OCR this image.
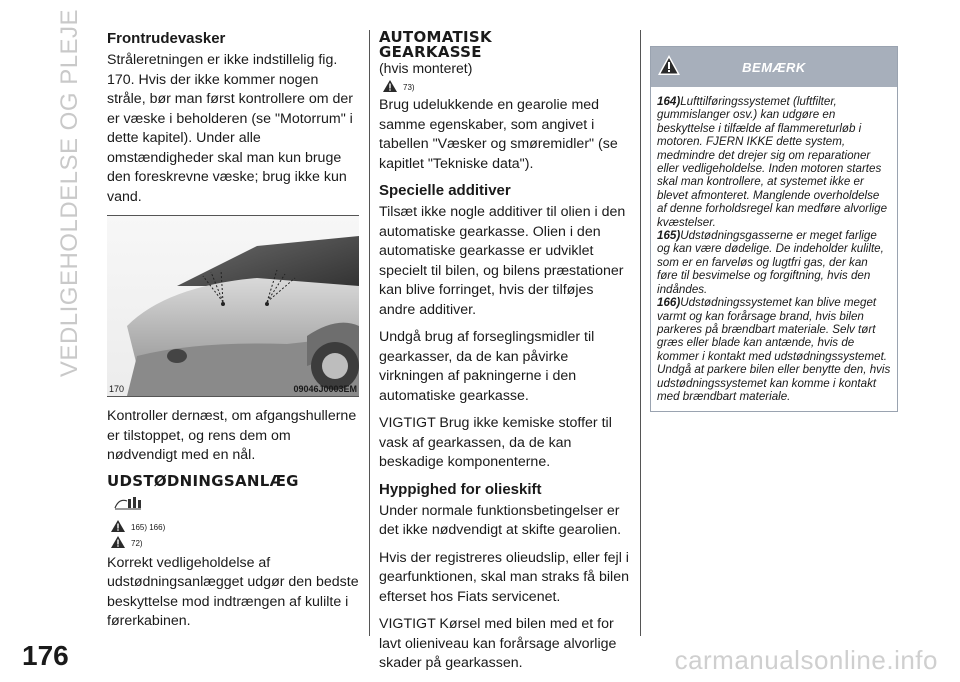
VEDLIGEHOLDELSE OG PLEJE
176	carmanualsonline.info
Frontrudevasker

Stråleretningen er ikke indstillelig fig. 170. Hvis der ikke kommer nogen stråle, bør man først kontrollere om der er væske i beholderen (se "Motorrum" i dette kapitel). Under alle omstændigheder skal man kun bruge den foreskrevne væske; brug ikke kun vand.

170	09046J0003EM

Kontroller dernæst, om afgangshullerne er tilstoppet, og rens dem om nødvendigt med en nål.

UDSTØDNINGSANLÆG
165) 166)
72)

Korrekt vedligeholdelse af udstødningsanlægget udgør den bedste beskyttelse mod indtrængen af kulilte i førerkabinen.

AUTOMATISK
GEARKASSE
(hvis monteret)
73)

Brug udelukkende en gearolie med samme egenskaber, som angivet i tabellen "Væsker og smøremidler" (se kapitlet "Tekniske data").

Specielle additiver

Tilsæt ikke nogle additiver til olien i den automatiske gearkasse. Olien i den automatiske gearkasse er udviklet specielt til bilen, og bilens præstationer kan blive forringet, hvis der tilføjes andre additiver.

Undgå brug af forseglingsmidler til gearkasser, da de kan påvirke virkningen af pakningerne i den automatiske gearkasse.

VIGTIGT Brug ikke kemiske stoffer til vask af gearkassen, da de kan beskadige komponenterne.

Hyppighed for olieskift

Under normale funktionsbetingelser er det ikke nødvendigt at skifte gearolien.

Hvis der registreres olieudslip, eller fejl i gearfunktionen, skal man straks få bilen efterset hos Fiats servicenet.

VIGTIGT Kørsel med bilen med et for lavt olieniveau kan forårsage alvorlige skader på gearkassen.

BEMÆRK
164)Lufttilføringssystemet (luftfilter, gummislanger osv.) kan udgøre en beskyttelse i tilfælde af flammereturløb i motoren. FJERN IKKE dette system, medmindre det drejer sig om reparationer eller vedligeholdelse. Inden motoren startes skal man kontrollere, at systemet ikke er blevet afmonteret. Manglende overholdelse af denne forholdsregel kan medføre alvorlige kvæstelser.
165)Udstødningsgasserne er meget farlige og kan være dødelige. De indeholder kulilte, som er en farveløs og lugtfri gas, der kan føre til besvimelse og forgiftning, hvis den indåndes.
166)Udstødningssystemet kan blive meget varmt og kan forårsage brand, hvis bilen parkeres på brændbart materiale. Selv tørt græs eller blade kan antænde, hvis de kommer i kontakt med udstødningssystemet. Undgå at parkere bilen eller benytte den, hvis udstødningssystemet kan komme i kontakt med brændbart materiale.
